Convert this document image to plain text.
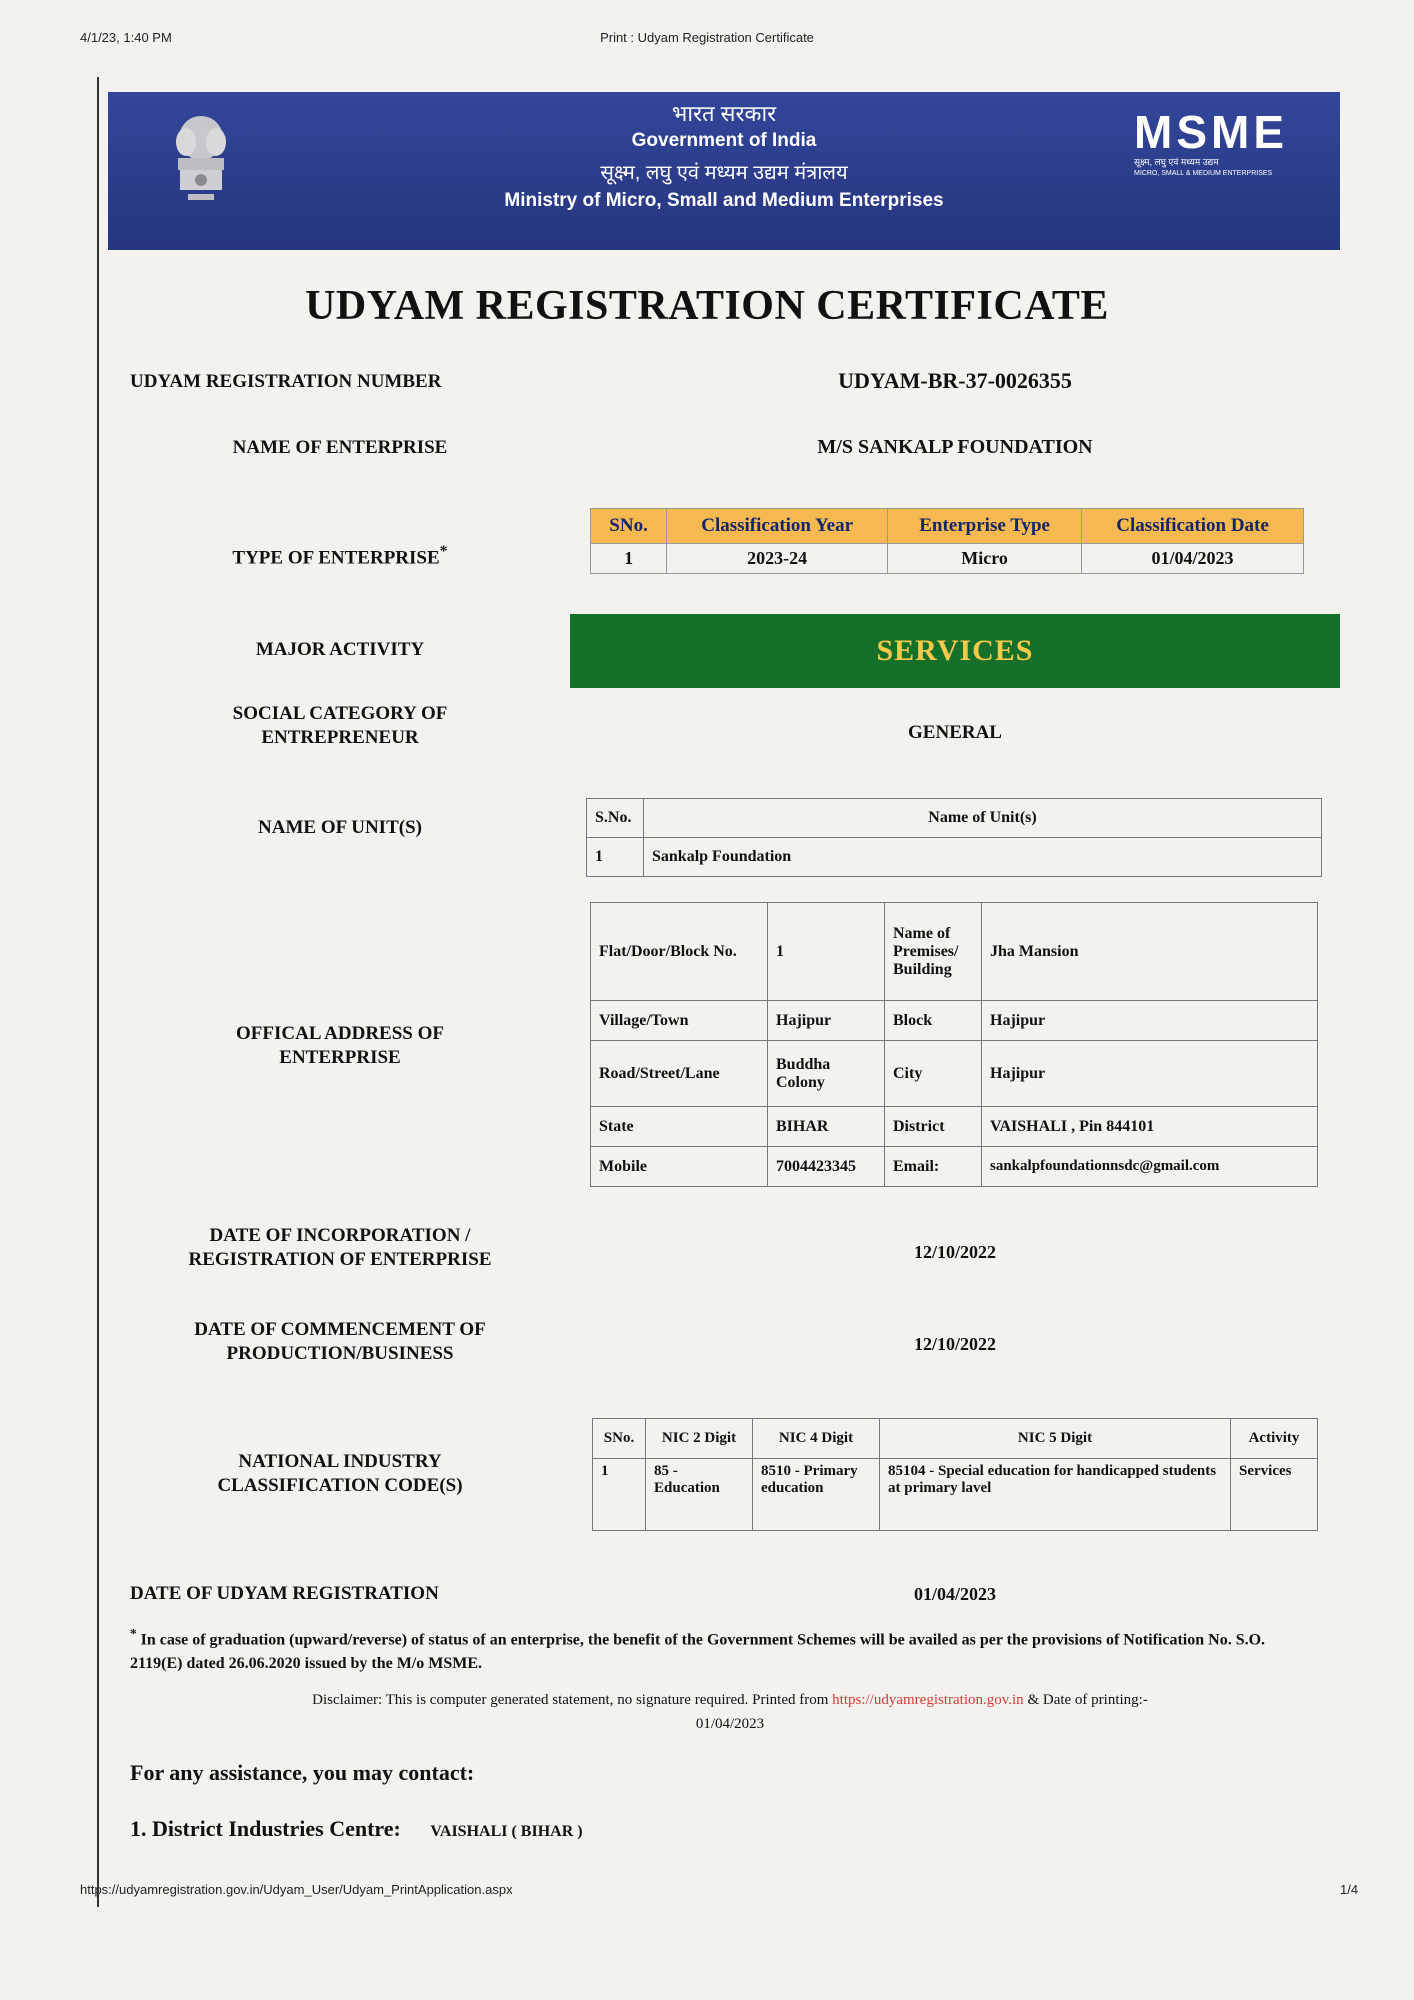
4/1/23, 1:40 PM	Print : Udyam Registration Certificate
https://udyamregistration.gov.in/Udyam_User/Udyam_PrintApplication.aspx	1/4
भारत सरकार
Government of India
सूक्ष्म, लघु एवं मध्यम उद्यम मंत्रालय
Ministry of Micro, Small and Medium Enterprises
MSME
सूक्ष्म, लघु एवं मध्यम उद्यम
MICRO, SMALL & MEDIUM ENTERPRISES
UDYAM REGISTRATION CERTIFICATE
UDYAM REGISTRATION NUMBER	UDYAM-BR-37-0026355
NAME OF ENTERPRISE	M/S SANKALP FOUNDATION
TYPE OF ENTERPRISE*
SNo.	Classification Year	Enterprise Type	Classification Date
1	2023-24	Micro	01/04/2023
MAJOR ACTIVITY	SERVICES
SOCIAL CATEGORY OF
ENTREPRENEUR	GENERAL
NAME OF UNIT(S)	S.No.	Name of Unit(s)
1	Sankalp Foundation
OFFICAL ADDRESS OF
ENTERPRISE
Flat/Door/Block No.	1	Name of Premises/ Building	Jha Mansion
Village/Town	Hajipur	Block	Hajipur
Road/Street/Lane	Buddha Colony	City	Hajipur
State	BIHAR	District	VAISHALI , Pin 844101
Mobile	7004423345	Email:	sankalpfoundationnsdc@gmail.com
DATE OF INCORPORATION /
REGISTRATION OF ENTERPRISE	12/10/2022
DATE OF COMMENCEMENT OF
PRODUCTION/BUSINESS	12/10/2022
NATIONAL INDUSTRY
CLASSIFICATION CODE(S)
SNo.	NIC 2 Digit	NIC 4 Digit	NIC 5 Digit	Activity
1	85 - Education	8510 - Primary education	85104 - Special education for handicapped students at primary lavel	Services
DATE OF UDYAM REGISTRATION	01/04/2023
* In case of graduation (upward/reverse) of status of an enterprise, the benefit of the Government Schemes will be availed as per the provisions of Notification No. S.O. 2119(E) dated 26.06.2020 issued by the M/o MSME.
Disclaimer: This is computer generated statement, no signature required. Printed from https://udyamregistration.gov.in & Date of printing:-
01/04/2023
For any assistance, you may contact:
1. District Industries Centre: VAISHALI ( BIHAR )
